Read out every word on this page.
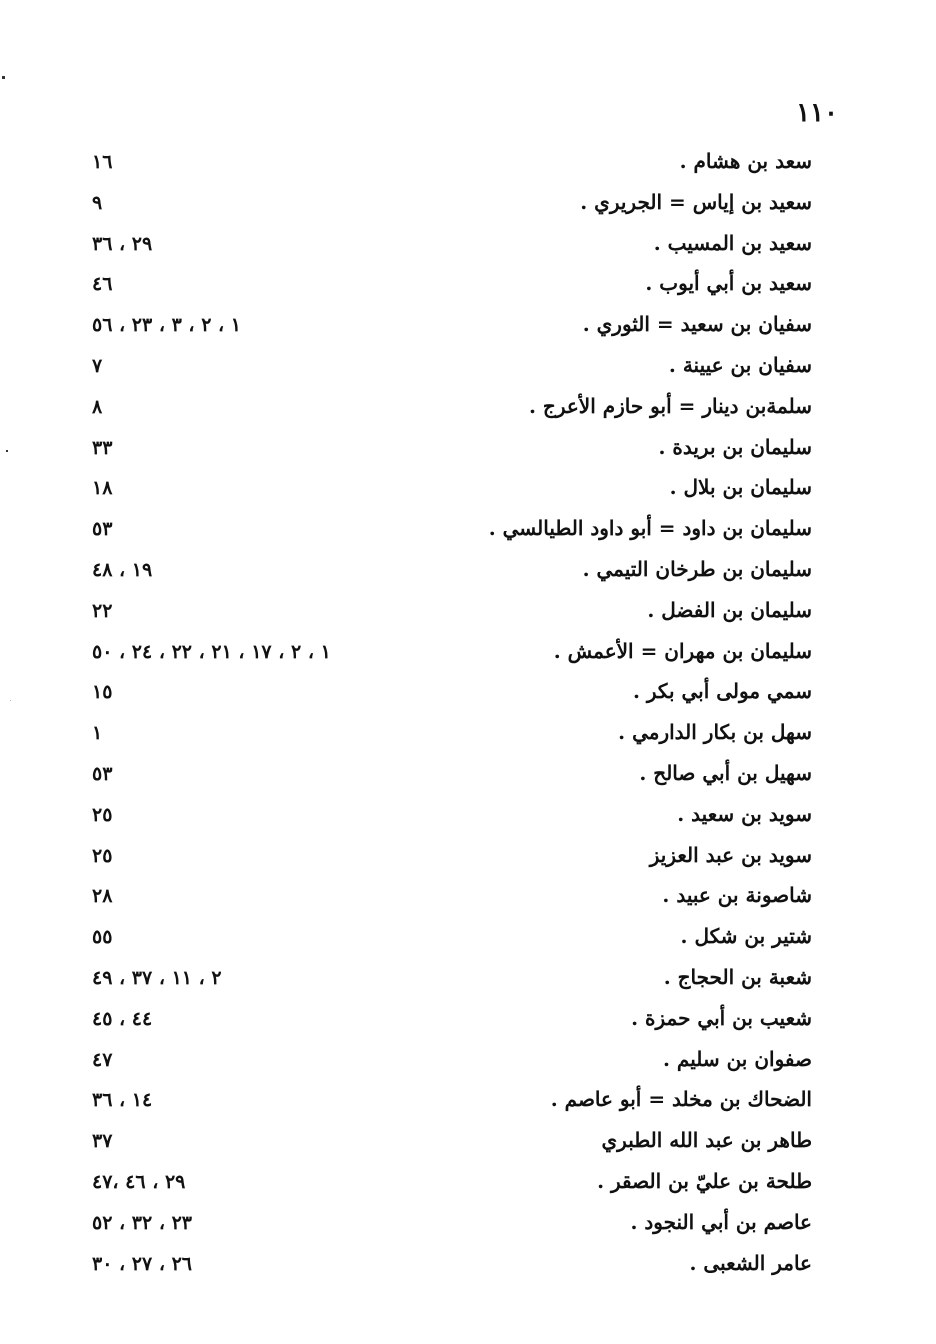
١١٠
سعد بن هشام .
١٦
سعيد بن إياس = الجريري .
٩
سعيد بن المسيب .
٢٩ ، ٣٦
سعيد بن أبي أيوب .
٤٦
سفيان بن سعيد = الثوري .
١ ، ٢ ، ٣ ، ٢٣ ، ٥٦
سفيان بن عيينة .
٧
سلمةبن دينار = أبو حازم الأعرج .
٨
سليمان بن بريدة .
٣٣
سليمان بن بلال .
١٨
سليمان بن داود = أبو داود الطيالسي .
٥٣
سليمان بن طرخان التيمي .
١٩ ، ٤٨
سليمان بن الفضل .
٢٢
سليمان بن مهران = الأعمش .
١ ، ٢ ، ١٧ ، ٢١ ، ٢٢ ، ٢٤ ، ٥٠
سمي مولى أبي بكر .
١٥
سهل بن بكار الدارمي .
١
سهيل بن أبي صالح .
٥٣
سويد بن سعيد .
٢٥
سويد بن عبد العزيز
٢٥
شاصونة بن عبيد .
٢٨
شتير بن شكل .
٥٥
شعبة بن الحجاج .
٢ ، ١١ ، ٣٧ ، ٤٩
شعيب بن أبي حمزة .
٤٤ ، ٤٥
صفوان بن سليم .
٤٧
الضحاك بن مخلد = أبو عاصم .
١٤ ، ٣٦
طاهر بن عبد الله الطبري
٣٧
طلحة بن عليّ بن الصقر .
٢٩ ، ٤٦ ،٤٧
عاصم بن أبي النجود .
٢٣ ، ٣٢ ، ٥٢
عامر الشعبى .
٢٦ ، ٢٧ ، ٣٠
